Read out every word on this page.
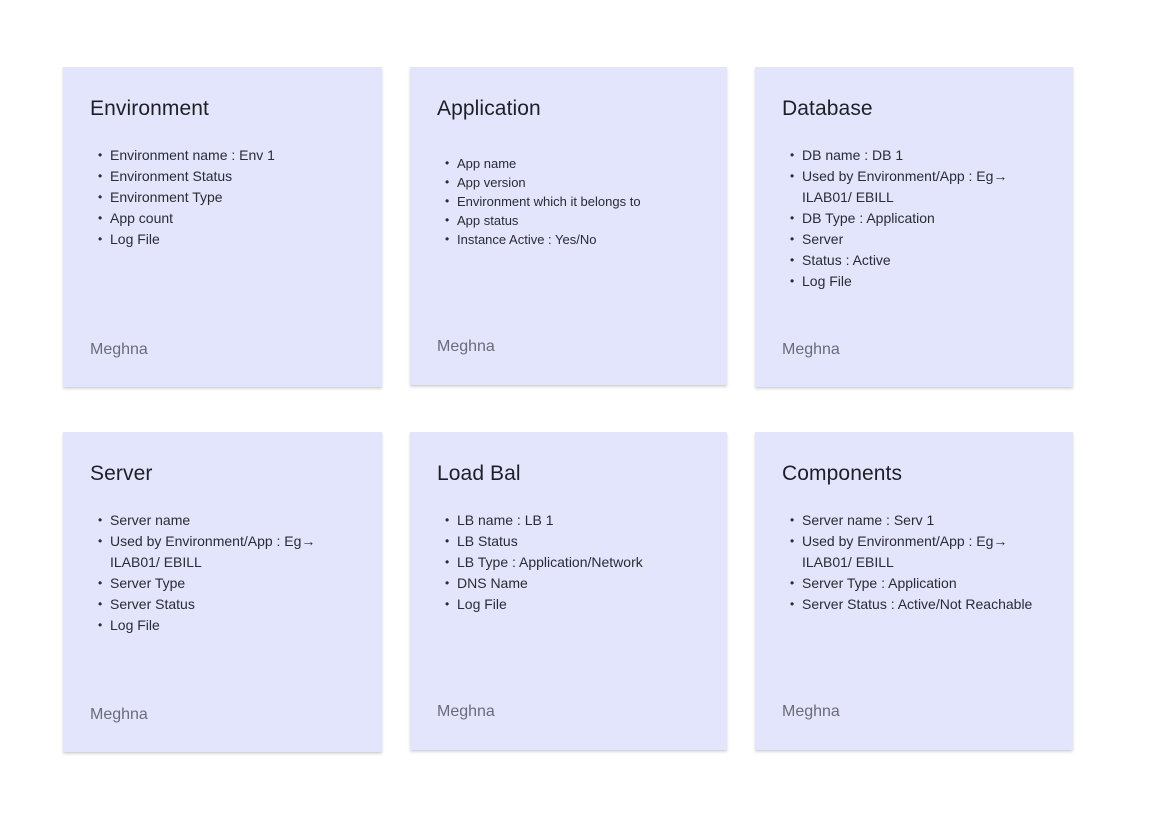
Environment
• Environment name : Env 1
• Environment Status
• Environment Type
• App count
• Log File
Meghna
Application
• App name
• App version
• Environment which it belongs to
• App status
• Instance Active : Yes/No
Meghna
Database
• DB name : DB 1
• Used by Environment/App : Eg→ ILAB01/ EBILL
• DB Type : Application
• Server
• Status : Active
• Log File
Meghna
Server
• Server name
• Used by Environment/App : Eg→ ILAB01/ EBILL
• Server Type
• Server Status
• Log File
Meghna
Load Bal
• LB name : LB 1
• LB Status
• LB Type : Application/Network
• DNS Name
• Log File
Meghna
Components
• Server name : Serv 1
• Used by Environment/App : Eg→ ILAB01/ EBILL
• Server Type : Application
• Server Status : Active/Not Reachable
Meghna
